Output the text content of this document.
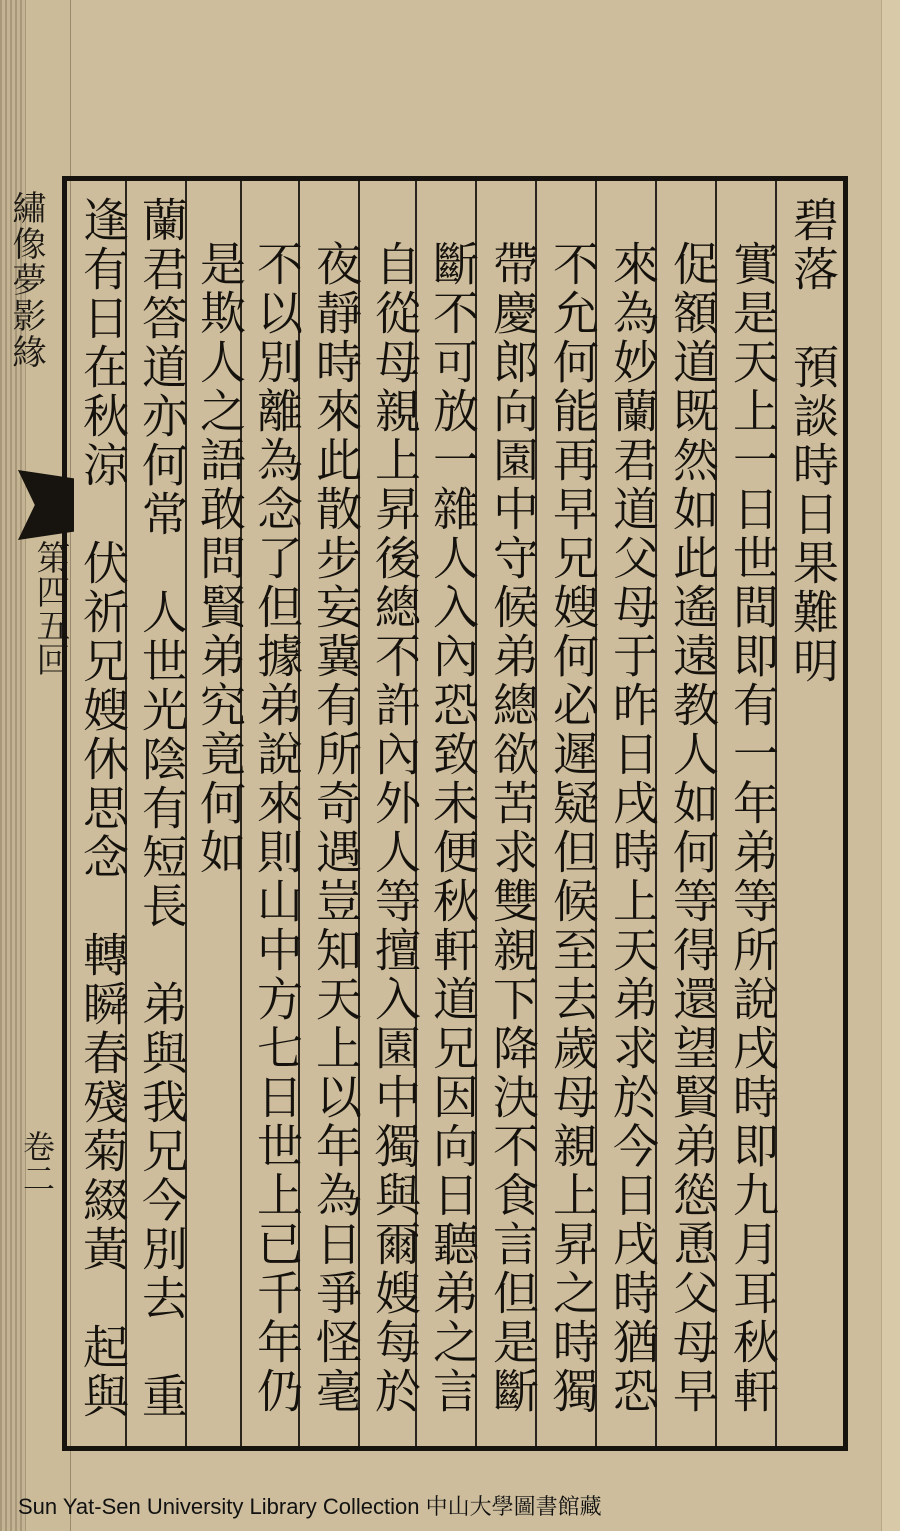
繡像夢影緣
第四五回
卷二
碧落　預談時日果難明
實是天上一日世間即有一年弟等所說戌時即九月耳秋軒
促額道既然如此遙遠教人如何等得還望賢弟慫恿父母早
來為妙蘭君道父母于昨日戌時上天弟求於今日戌時猶恐
不允何能再早兄嫂何必遲疑但候至去歲母親上昇之時獨
帶慶郎向園中守候弟總欲苦求雙親下降決不食言但是斷
斷不可放一雜人入內恐致未便秋軒道兄因向日聽弟之言
自從母親上昇後總不許內外人等擅入園中獨與爾嫂每於
夜靜時來此散步妄冀有所奇遇豈知天上以年為日爭怪毫
不以別離為念了但據弟說來則山中方七日世上已千年仍
是欺人之語敢問賢弟究竟何如
蘭君答道亦何常　人世光陰有短長　弟與我兄今別去　重
逢有日在秋涼　伏祈兄嫂休思念　轉瞬春殘菊綴黃　起與
Sun Yat-Sen University Library Collection 中山大學圖書館藏
